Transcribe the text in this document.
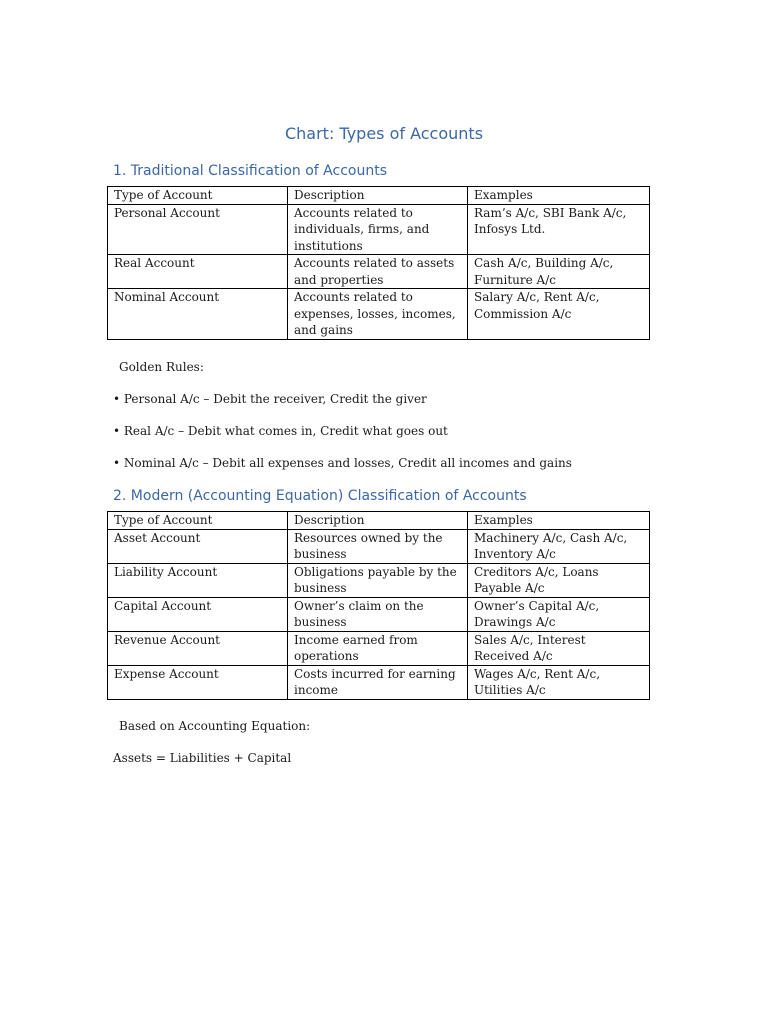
Chart: Types of Accounts
1. Traditional Classification of Accounts
Type of Account	Description	Examples
Personal Account	Accounts related to individuals, firms, and institutions	Ram’s A/c, SBI Bank A/c, Infosys Ltd.
Real Account	Accounts related to assets and properties	Cash A/c, Building A/c, Furniture A/c
Nominal Account	Accounts related to expenses, losses, incomes, and gains	Salary A/c, Rent A/c, Commission A/c

Golden Rules:

• Personal A/c – Debit the receiver, Credit the giver

• Real A/c – Debit what comes in, Credit what goes out

• Nominal A/c – Debit all expenses and losses, Credit all incomes and gains

2. Modern (Accounting Equation) Classification of Accounts
Type of Account	Description	Examples
Asset Account	Resources owned by the business	Machinery A/c, Cash A/c, Inventory A/c
Liability Account	Obligations payable by the business	Creditors A/c, Loans Payable A/c
Capital Account	Owner’s claim on the business	Owner’s Capital A/c, Drawings A/c
Revenue Account	Income earned from operations	Sales A/c, Interest Received A/c
Expense Account	Costs incurred for earning income	Wages A/c, Rent A/c, Utilities A/c

Based on Accounting Equation:

Assets = Liabilities + Capital
